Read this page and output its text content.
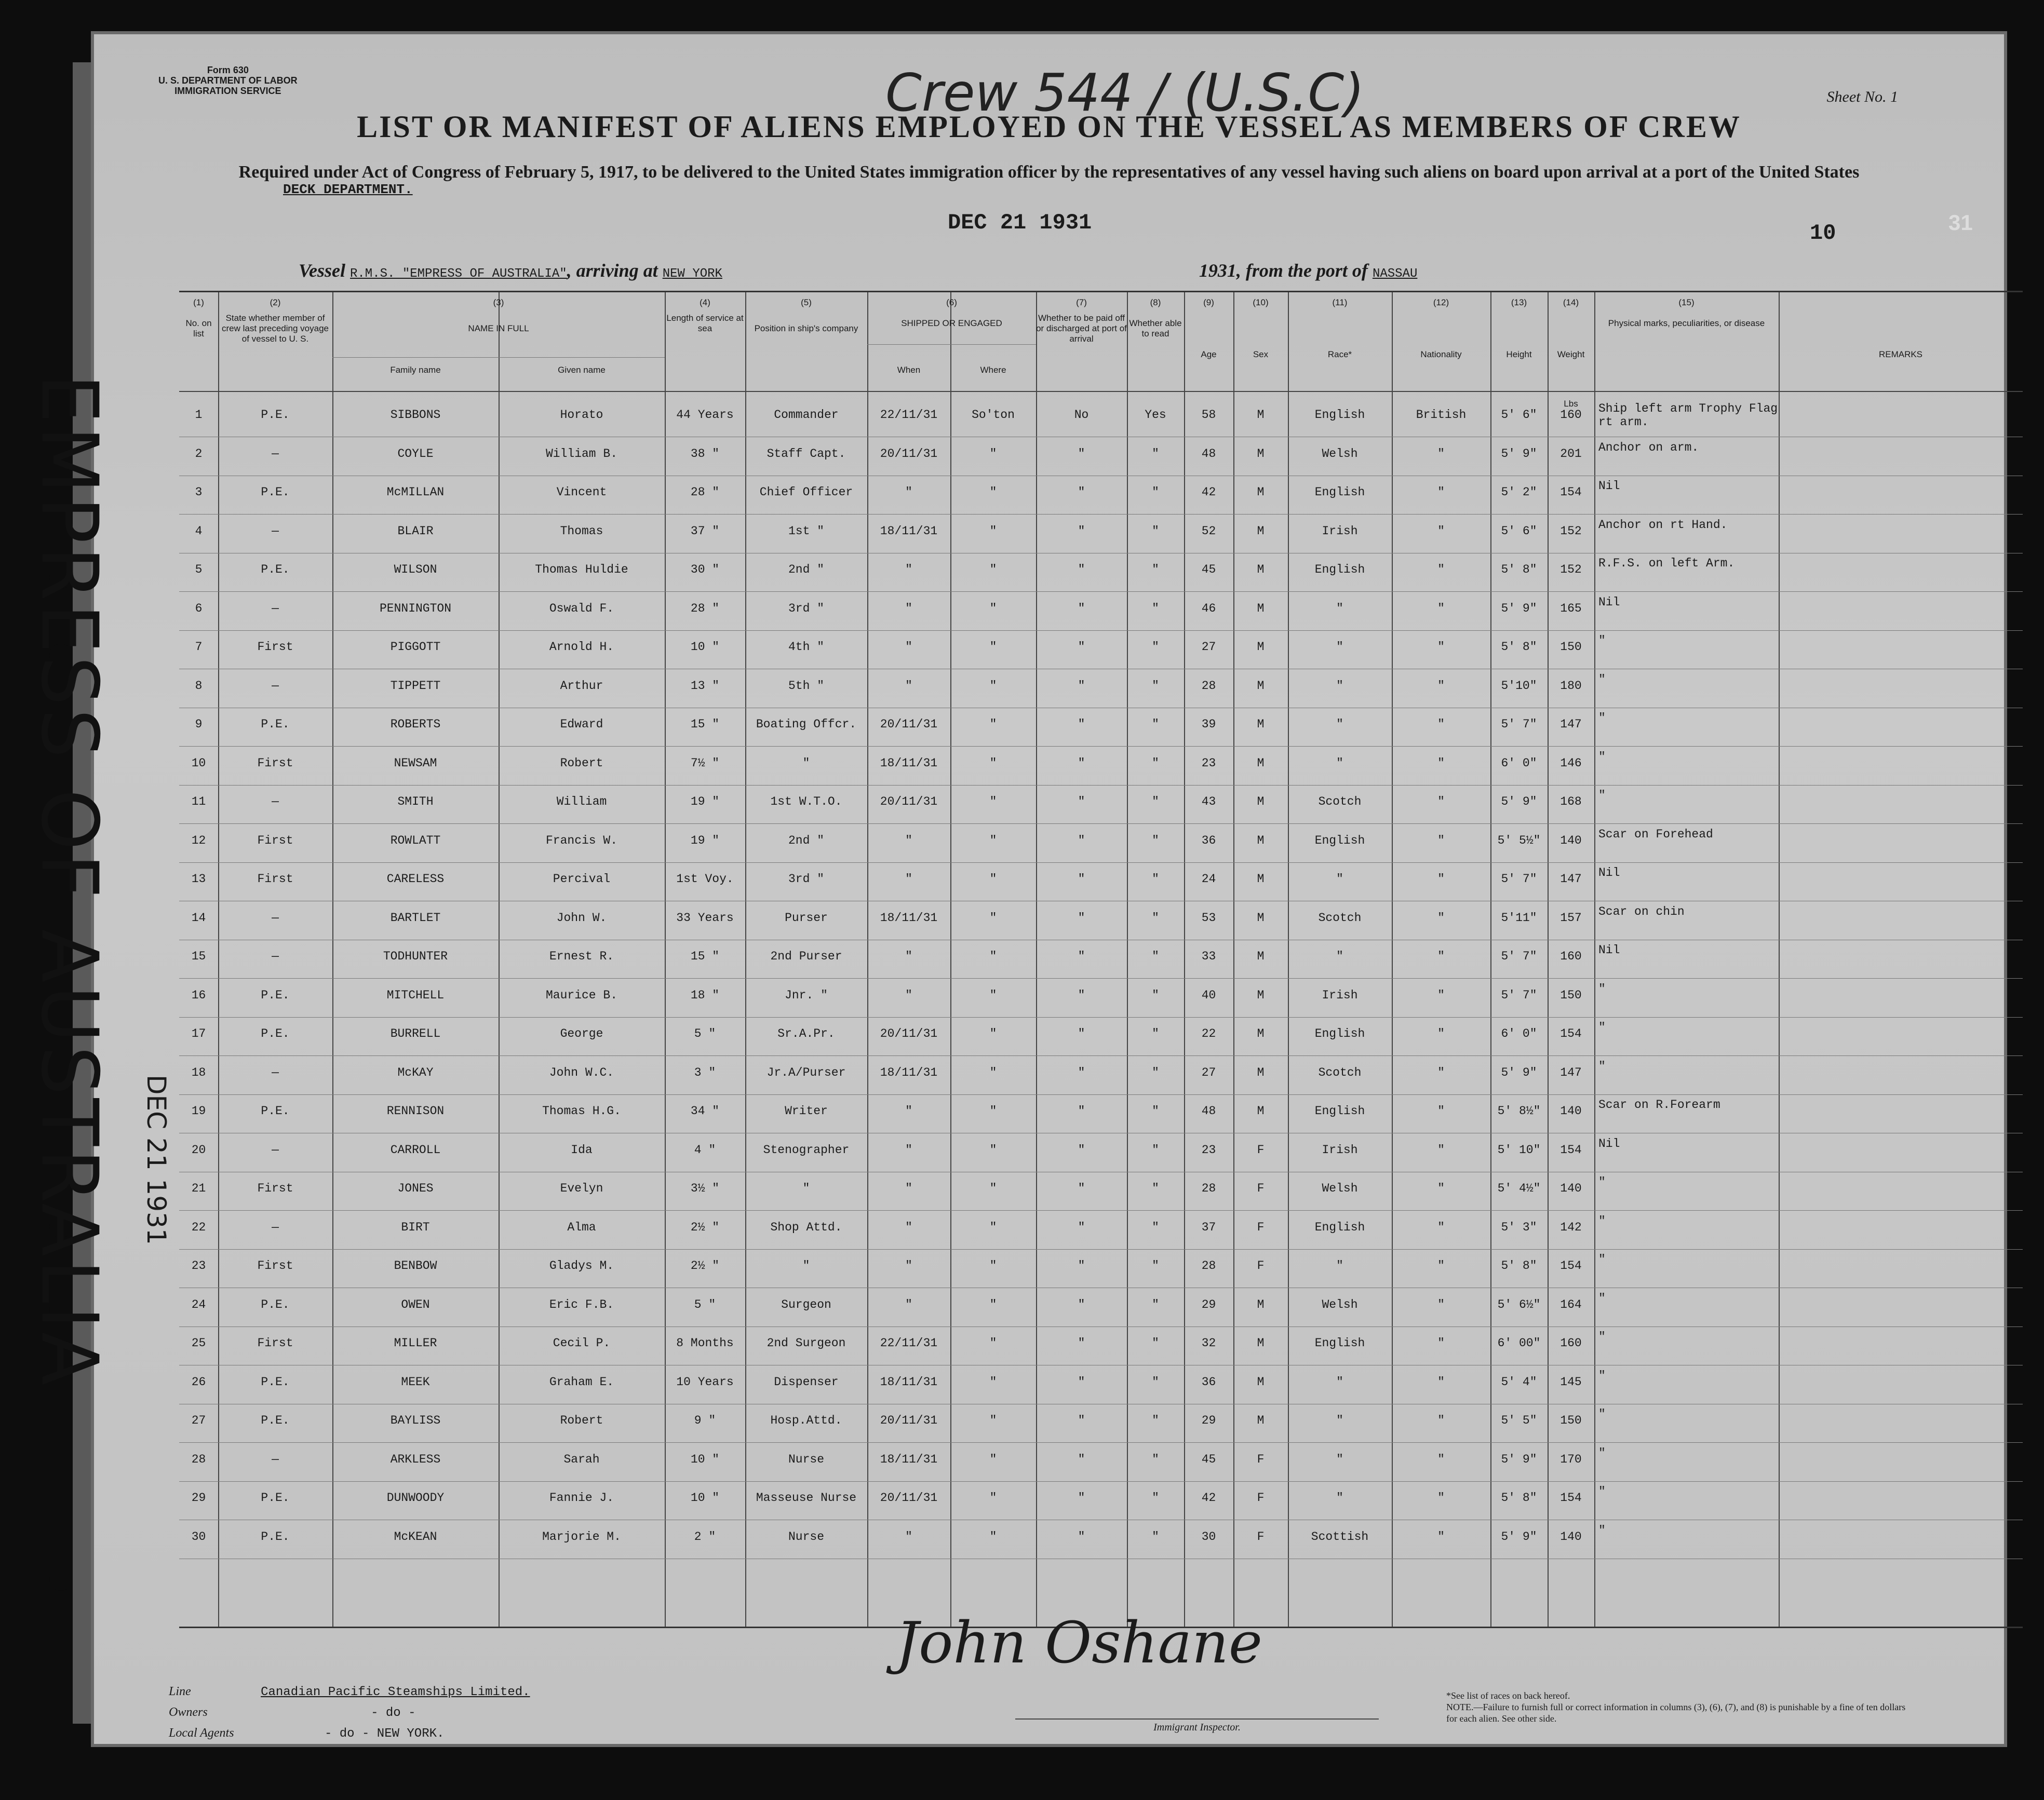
Form 630
U. S. DEPARTMENT OF LABOR
IMMIGRATION SERVICE	Sheet No. 1
Crew 544 / (U.S.C)
LIST OR MANIFEST OF ALIENS EMPLOYED ON THE VESSEL AS MEMBERS OF CREW
Required under Act of Congress of February 5, 1917, to be delivered to the United States immigration officer by the representatives of any vessel having such aliens on board upon arrival at a port of the United States
DECK DEPARTMENT.
DEC 21 1931	10
Vessel R.M.S. "EMPRESS OF AUSTRALIA", arriving at NEW YORK	1931, from the port of NASSAU
(1)
No. on list
(2)
State whether member of crew last preceding voyage of vessel to U. S.
(3)
NAME IN FULL
Family name	Given name
(4)
Length of service at sea
(5)
Position in ship's company
(6)
SHIPPED OR ENGAGED
When	Where
(7)
Whether to be paid off or discharged at port of arrival
(8)
Whether able to read
(9)
Age
(10)
Sex
(11)
Race*
(12)
Nationality
(13)
Height
(14)
Weight
(15)
Physical marks, peculiarities, or disease
REMARKS
Lbs
1	P.E.	SIBBONS	Horato	44 Years	Commander	22/11/31	So'ton	No	Yes	58	M	English	British	5' 6"	160	Ship left arm Trophy Flag rt arm.
2	—	COYLE	William B.	38 "	Staff Capt.	20/11/31	"	"	"	48	M	Welsh	"	5' 9"	201	Anchor on arm.
3	P.E.	McMILLAN	Vincent	28 "	Chief Officer	"	"	"	"	42	M	English	"	5' 2"	154	Nil
4	—	BLAIR	Thomas	37 "	1st "	18/11/31	"	"	"	52	M	Irish	"	5' 6"	152	Anchor on rt Hand.
5	P.E.	WILSON	Thomas Huldie	30 "	2nd "	"	"	"	"	45	M	English	"	5' 8"	152	R.F.S. on left Arm.
6	—	PENNINGTON	Oswald F.	28 "	3rd "	"	"	"	"	46	M	"	"	5' 9"	165	Nil
7	First	PIGGOTT	Arnold H.	10 "	4th "	"	"	"	"	27	M	"	"	5' 8"	150	"
8	—	TIPPETT	Arthur	13 "	5th "	"	"	"	"	28	M	"	"	5'10"	180	"
9	P.E.	ROBERTS	Edward	15 "	Boating Offcr.	20/11/31	"	"	"	39	M	"	"	5' 7"	147	"
10	First	NEWSAM	Robert	7½ "	"	18/11/31	"	"	"	23	M	"	"	6' 0"	146	"
11	—	SMITH	William	19 "	1st W.T.O.	20/11/31	"	"	"	43	M	Scotch	"	5' 9"	168	"
12	First	ROWLATT	Francis W.	19 "	2nd "	"	"	"	"	36	M	English	"	5' 5½"	140	Scar on Forehead
13	First	CARELESS	Percival	1st Voy.	3rd "	"	"	"	"	24	M	"	"	5' 7"	147	Nil
14	—	BARTLET	John W.	33 Years	Purser	18/11/31	"	"	"	53	M	Scotch	"	5'11"	157	Scar on chin
15	—	TODHUNTER	Ernest R.	15 "	2nd Purser	"	"	"	"	33	M	"	"	5' 7"	160	Nil
16	P.E.	MITCHELL	Maurice B.	18 "	Jnr. "	"	"	"	"	40	M	Irish	"	5' 7"	150	"
17	P.E.	BURRELL	George	5 "	Sr.A.Pr.	20/11/31	"	"	"	22	M	English	"	6' 0"	154	"
18	—	McKAY	John W.C.	3 "	Jr.A/Purser	18/11/31	"	"	"	27	M	Scotch	"	5' 9"	147	"
19	P.E.	RENNISON	Thomas H.G.	34 "	Writer	"	"	"	"	48	M	English	"	5' 8½"	140	Scar on R.Forearm
20	—	CARROLL	Ida	4 "	Stenographer	"	"	"	"	23	F	Irish	"	5' 10"	154	Nil
21	First	JONES	Evelyn	3½ "	"	"	"	"	"	28	F	Welsh	"	5' 4½"	140	"
22	—	BIRT	Alma	2½ "	Shop Attd.	"	"	"	"	37	F	English	"	5' 3"	142	"
23	First	BENBOW	Gladys M.	2½ "	"	"	"	"	"	28	F	"	"	5' 8"	154	"
24	P.E.	OWEN	Eric F.B.	5 "	Surgeon	"	"	"	"	29	M	Welsh	"	5' 6½"	164	"
25	First	MILLER	Cecil P.	8 Months	2nd Surgeon	22/11/31	"	"	"	32	M	English	"	6' 00"	160	"
26	P.E.	MEEK	Graham E.	10 Years	Dispenser	18/11/31	"	"	"	36	M	"	"	5' 4"	145	"
27	P.E.	BAYLISS	Robert	9 "	Hosp.Attd.	20/11/31	"	"	"	29	M	"	"	5' 5"	150	"
28	—	ARKLESS	Sarah	10 "	Nurse	18/11/31	"	"	"	45	F	"	"	5' 9"	170	"
29	P.E.	DUNWOODY	Fannie J.	10 "	Masseuse Nurse	20/11/31	"	"	"	42	F	"	"	5' 8"	154	"
30	P.E.	McKEAN	Marjorie M.	2 "	Nurse	"	"	"	"	30	F	Scottish	"	5' 9"	140	"
John Oshane
Line	Canadian Pacific Steamships Limited.
Owners	- do -
Local Agents	- do - NEW YORK.	Immigrant Inspector.
*See list of races on back hereof.
NOTE.—Failure to furnish full or correct information in columns (3), (6), (7), and (8) is punishable by a fine of ten dollars for each alien. See other side.
31
EMPRESS OF AUSTRALIA DEC 21 1931
